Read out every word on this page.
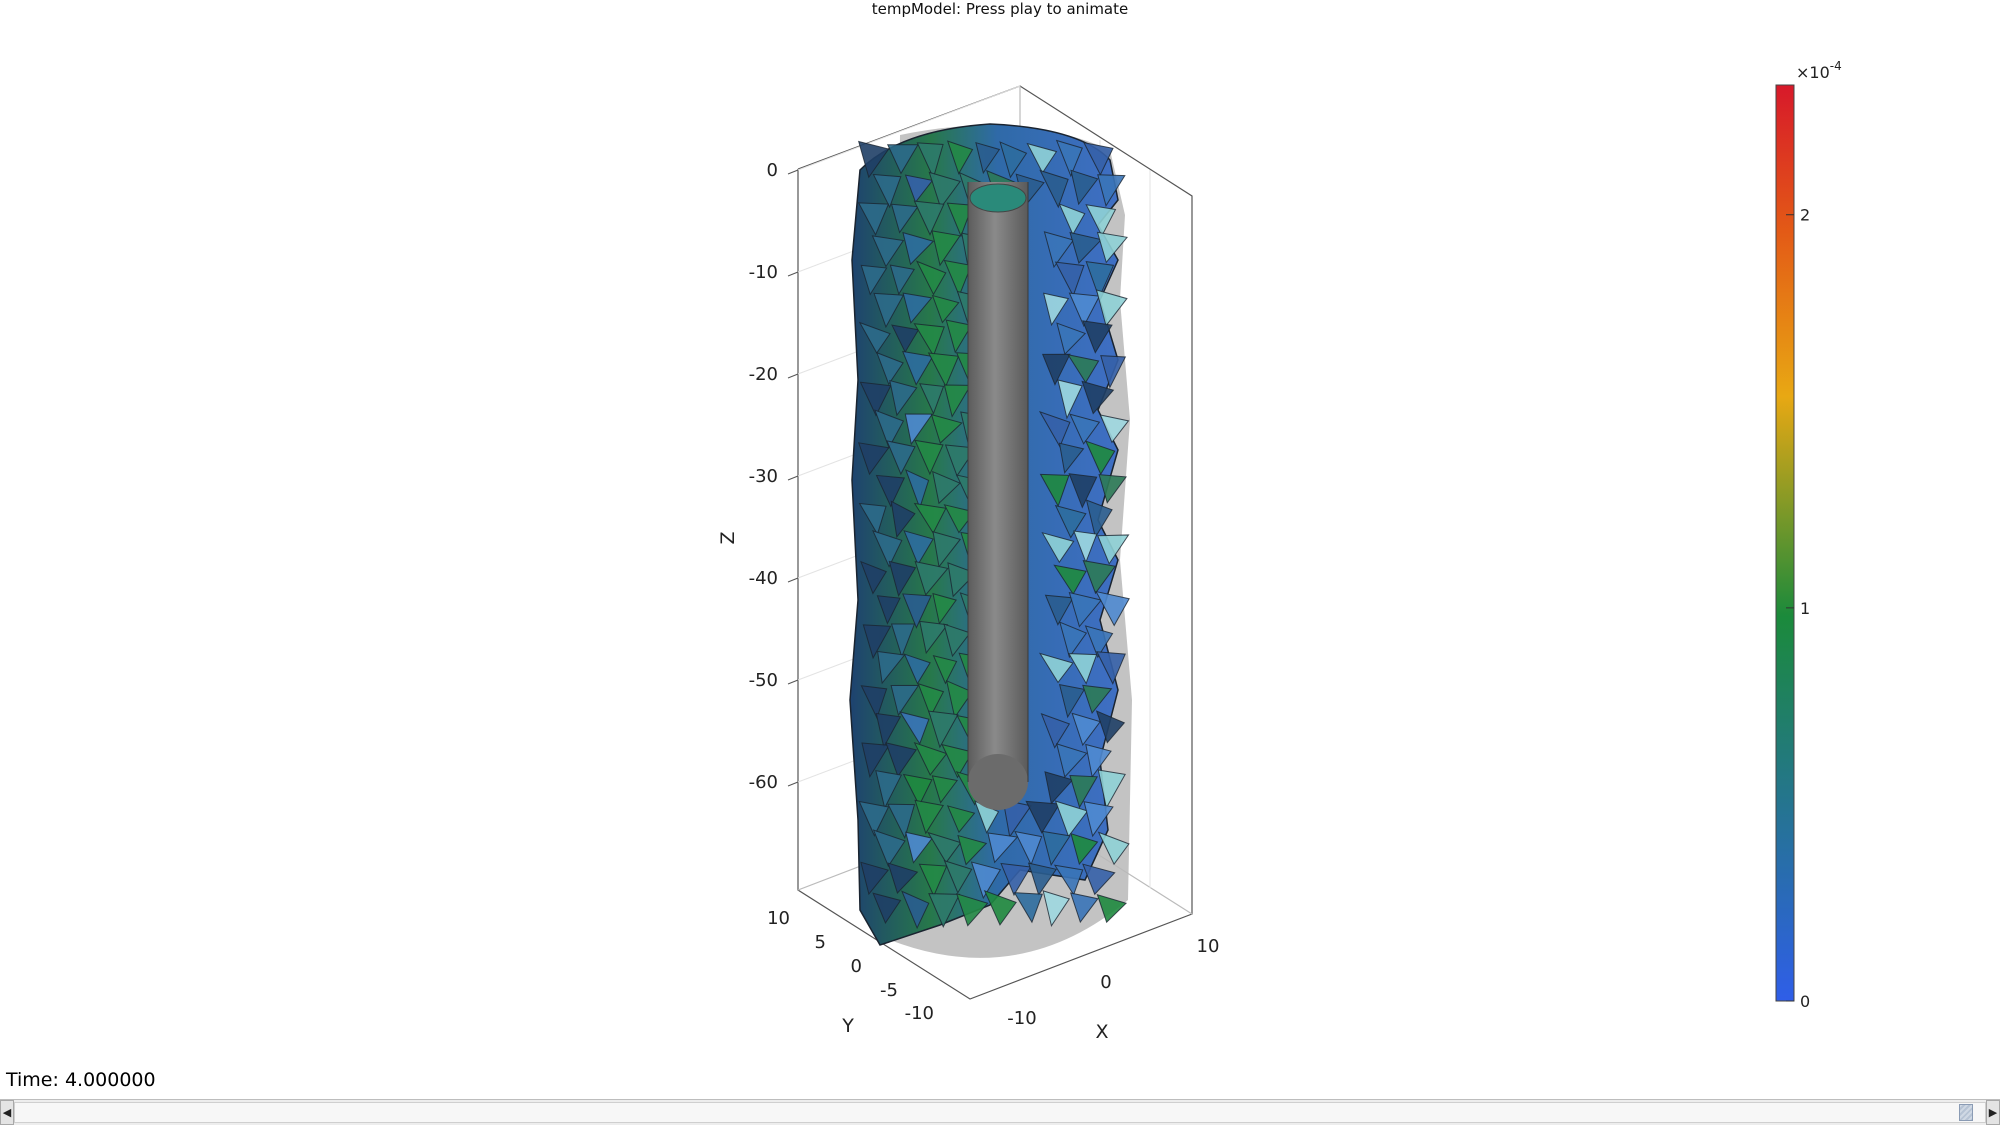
tempModel: Press play to animate
0
-10
-20
-30
-40
-50
-60
Z
10
5
0
-5
-10
Y	-10
0
10
X
$\times 10^{-4}$
0
1
2
Time: 4.000000
◀	▶
